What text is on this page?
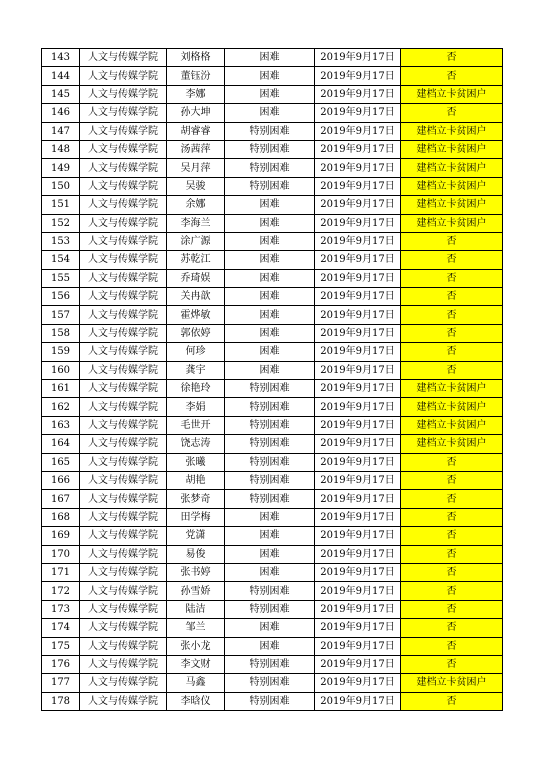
143	人文与传媒学院	刘格格	困难	2019年9月17日	否
144	人文与传媒学院	董钰汾	困难	2019年9月17日	否
145	人文与传媒学院	李娜	困难	2019年9月17日	建档立卡贫困户
146	人文与传媒学院	孙大坤	困难	2019年9月17日	否
147	人文与传媒学院	胡睿睿	特别困难	2019年9月17日	建档立卡贫困户
148	人文与传媒学院	汤茜萍	特别困难	2019年9月17日	建档立卡贫困户
149	人文与传媒学院	吴月萍	特别困难	2019年9月17日	建档立卡贫困户
150	人文与传媒学院	吴骏	特别困难	2019年9月17日	建档立卡贫困户
151	人文与传媒学院	余娜	困难	2019年9月17日	建档立卡贫困户
152	人文与传媒学院	李海兰	困难	2019年9月17日	建档立卡贫困户
153	人文与传媒学院	涂广源	困难	2019年9月17日	否
154	人文与传媒学院	苏乾江	困难	2019年9月17日	否
155	人文与传媒学院	乔琦娱	困难	2019年9月17日	否
156	人文与传媒学院	关冉歆	困难	2019年9月17日	否
157	人文与传媒学院	霍烨敏	困难	2019年9月17日	否
158	人文与传媒学院	郭依婷	困难	2019年9月17日	否
159	人文与传媒学院	何珍	困难	2019年9月17日	否
160	人文与传媒学院	龚宇	困难	2019年9月17日	否
161	人文与传媒学院	徐艳玲	特别困难	2019年9月17日	建档立卡贫困户
162	人文与传媒学院	李娟	特别困难	2019年9月17日	建档立卡贫困户
163	人文与传媒学院	毛世开	特别困难	2019年9月17日	建档立卡贫困户
164	人文与传媒学院	饶志涛	特别困难	2019年9月17日	建档立卡贫困户
165	人文与传媒学院	张曦	特别困难	2019年9月17日	否
166	人文与传媒学院	胡艳	特别困难	2019年9月17日	否
167	人文与传媒学院	张梦奇	特别困难	2019年9月17日	否
168	人文与传媒学院	田学梅	困难	2019年9月17日	否
169	人文与传媒学院	党潇	困难	2019年9月17日	否
170	人文与传媒学院	易俊	困难	2019年9月17日	否
171	人文与传媒学院	张书婷	困难	2019年9月17日	否
172	人文与传媒学院	孙雪娇	特别困难	2019年9月17日	否
173	人文与传媒学院	陆洁	特别困难	2019年9月17日	否
174	人文与传媒学院	邹兰	困难	2019年9月17日	否
175	人文与传媒学院	张小龙	困难	2019年9月17日	否
176	人文与传媒学院	李文财	特别困难	2019年9月17日	否
177	人文与传媒学院	马鑫	特别困难	2019年9月17日	建档立卡贫困户
178	人文与传媒学院	李晗仪	特别困难	2019年9月17日	否
